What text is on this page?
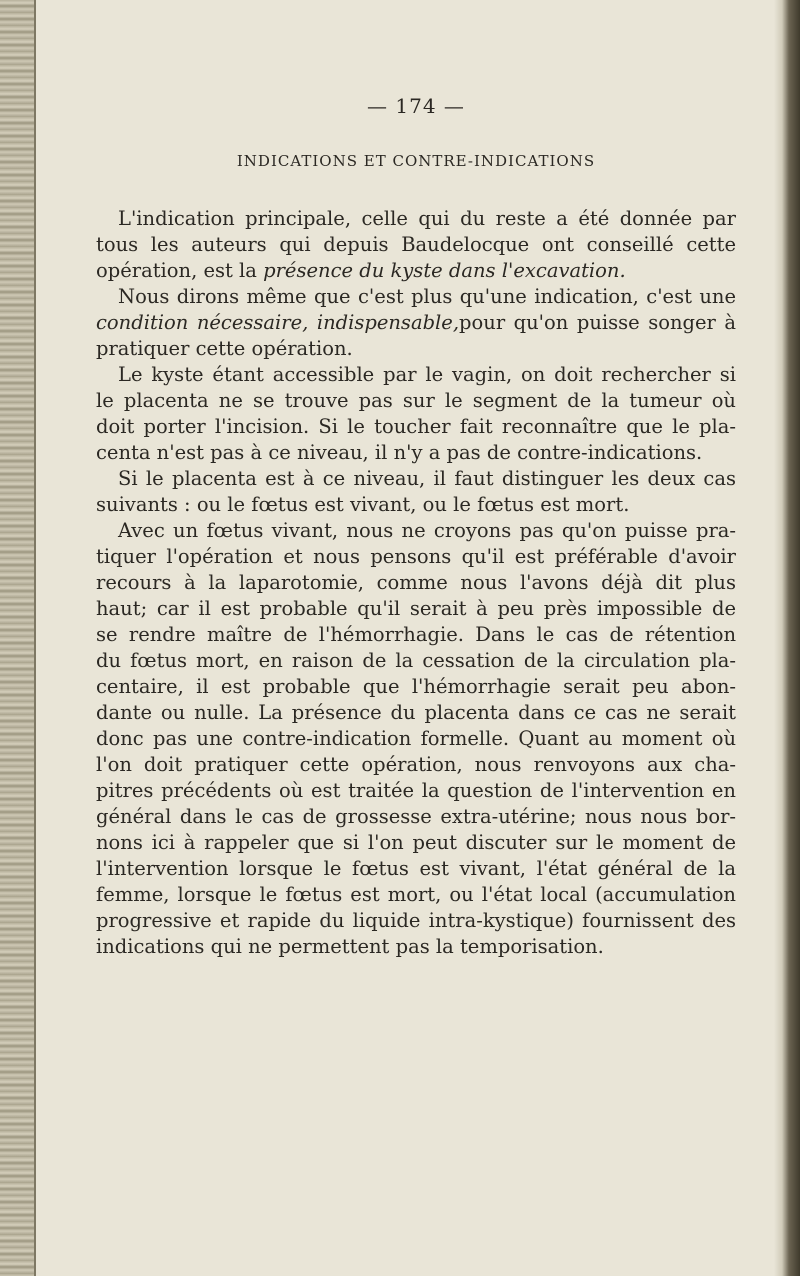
— 174 —
INDICATIONS ET CONTRE-INDICATIONS
L'indication principale, celle qui du reste a été donnée par
tous les auteurs qui depuis Baudelocque ont conseillé cette
opération, est la présence du kyste dans l'excavation.
Nous dirons même que c'est plus qu'une indication, c'est une
condition nécessaire, indispensable,pour qu'on puisse songer à
pratiquer cette opération.
Le kyste étant accessible par le vagin, on doit rechercher si
le placenta ne se trouve pas sur le segment de la tumeur où
doit porter l'incision. Si le toucher fait reconnaître que le pla-
centa n'est pas à ce niveau, il n'y a pas de contre-indications.
Si le placenta est à ce niveau, il faut distinguer les deux cas
suivants : ou le fœtus est vivant, ou le fœtus est mort.
Avec un fœtus vivant, nous ne croyons pas qu'on puisse pra-
tiquer l'opération et nous pensons qu'il est préférable d'avoir
recours à la laparotomie, comme nous l'avons déjà dit plus
haut; car il est probable qu'il serait à peu près impossible de
se rendre maître de l'hémorrhagie. Dans le cas de rétention
du fœtus mort, en raison de la cessation de la circulation pla-
centaire, il est probable que l'hémorrhagie serait peu abon-
dante ou nulle. La présence du placenta dans ce cas ne serait
donc pas une contre-indication formelle. Quant au moment où
l'on doit pratiquer cette opération, nous renvoyons aux cha-
pitres précédents où est traitée la question de l'intervention en
général dans le cas de grossesse extra-utérine; nous nous bor-
nons ici à rappeler que si l'on peut discuter sur le moment de
l'intervention lorsque le fœtus est vivant, l'état général de la
femme, lorsque le fœtus est mort, ou l'état local (accumulation
progressive et rapide du liquide intra-kystique) fournissent des
indications qui ne permettent pas la temporisation.
